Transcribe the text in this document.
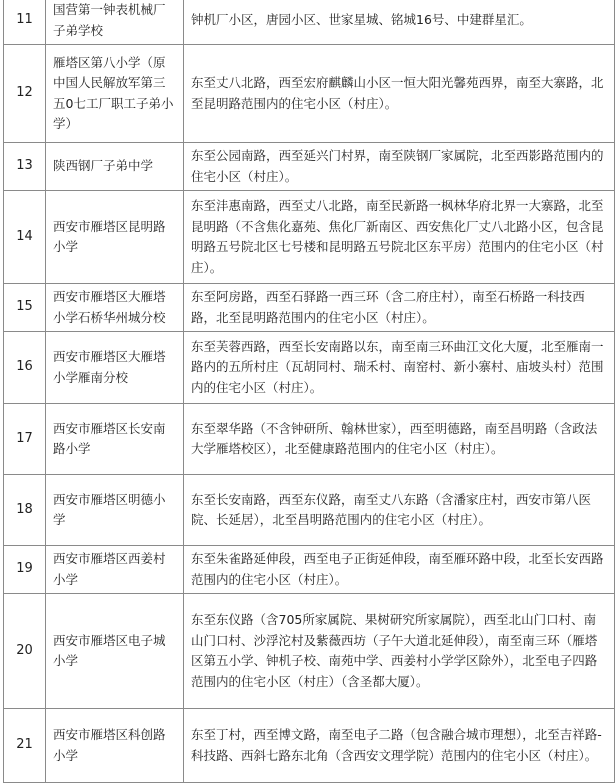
11	国营第一钟表机械厂子弟学校	钟机厂小区，唐园小区、世家星城、铭城16号、中建群星汇。
12	雁塔区第八小学（原中国人民解放军第三五0七工厂职工子弟小学）	东至丈八北路，西至宏府麒麟山小区一恒大阳光馨苑西界，南至大寨路，北至昆明路范围内的住宅小区（村庄）。
13	陕西钢厂子弟中学	东至公园南路，西至延兴门村界，南至陕钢厂家属院，北至西影路范围内的住宅小区（村庄）。
14	西安市雁塔区昆明路小学	东至沣惠南路，西至丈八北路，南至民新路一枫林华府北界一大寨路，北至昆明路（不含焦化嘉苑、焦化厂新南区、西安焦化厂丈八北路小区，包含昆明路五号院北区七号楼和昆明路五号院北区东平房）范围内的住宅小区（村庄）。
15	西安市雁塔区大雁塔小学石桥华州城分校	东至阿房路，西至石驿路一西三环（含二府庄村），南至石桥路一科技西路，北至昆明路范围内的住宅小区（村庄）。
16	西安市雁塔区大雁塔小学雁南分校	东至芙蓉西路，西至长安南路以东，南至南三环曲江文化大厦，北至雁南一路内的五所村庄（瓦胡同村、瑞禾村、南窑村、新小寨村、庙坡头村）范围内的住宅小区（村庄）。
17	西安市雁塔区长安南路小学	东至翠华路（不含钟研所、翰林世家），西至明德路，南至昌明路（含政法大学雁塔校区），北至健康路范围内的住宅小区（村庄）。
18	西安市雁塔区明德小学	东至长安南路，西至东仪路，南至丈八东路（含潘家庄村，西安市第八医院、长延居），北至昌明路范围内的住宅小区（村庄）。
19	西安市雁塔区西姜村小学	东至朱雀路延伸段，西至电子正街延伸段，南至雁环路中段，北至长安西路范围内的住宅小区（村庄）。
20	西安市雁塔区电子城小学	东至东仪路（含705所家属院、果树研究所家属院），西至北山门口村、南山门口村、沙浮沱村及紫薇西坊（子午大道北延伸段），南至南三环（雁塔区第五小学、钟机子校、南苑中学、西姜村小学学区除外），北至电子四路范围内的住宅小区（村庄）（含圣都大厦）。
21	西安市雁塔区科创路小学	东至丁村，西至博文路，南至电子二路（包含融合城市理想），北至吉祥路-科技路、西斜七路东北角（含西安文理学院）范围内的住宅小区（村庄）。
